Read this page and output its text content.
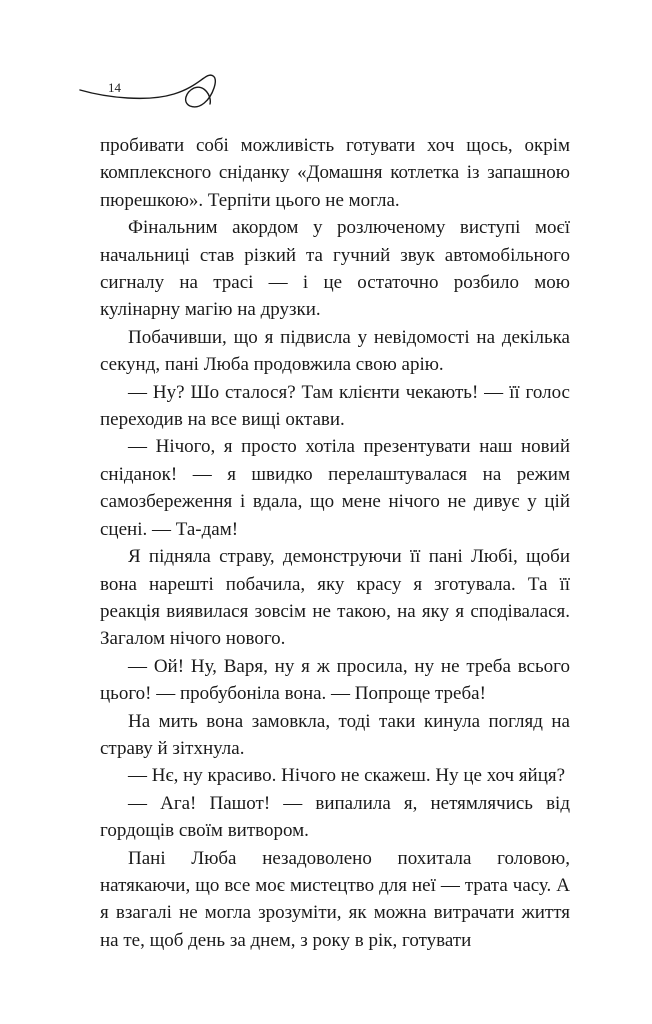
14

пробивати собі можливість готувати хоч щось, окрім комплексного сніданку «Домашня котлетка із запашною пюрешкою». Терпіти цього не могла.

Фінальним акордом у розлюченому виступі моєї начальниці став різкий та гучний звук автомобільного сигналу на трасі — і це остаточно розбило мою кулінарну магію на друзки.

Побачивши, що я підвисла у невідомості на декілька секунд, пані Люба продовжила свою арію.

— Ну? Шо сталося? Там клієнти чекають! — її голос переходив на все вищі октави.

— Нічого, я просто хотіла презентувати наш новий сніданок! — я швидко перелаштувалася на режим самозбереження і вдала, що мене нічого не дивує у цій сцені. — Та-дам!

Я підняла страву, демонструючи її пані Любі, щоби вона нарешті побачила, яку красу я зготувала. Та її реакція виявилася зовсім не такою, на яку я сподівалася. Загалом нічого нового.

— Ой! Ну, Варя, ну я ж просила, ну не треба всього цього! — пробубоніла вона. — Попроще треба!

На мить вона замовкла, тоді таки кинула погляд на страву й зітхнула.

— Нє, ну красиво. Нічого не скажеш. Ну це хоч яйця?

— Ага! Пашот! — випалила я, нетямлячись від гордощів своїм витвором.

Пані Люба незадоволено похитала головою, натякаючи, що все моє мистецтво для неї — трата часу. А я взагалі не могла зрозуміти, як можна витрачати життя на те, щоб день за днем, з року в рік, готувати
